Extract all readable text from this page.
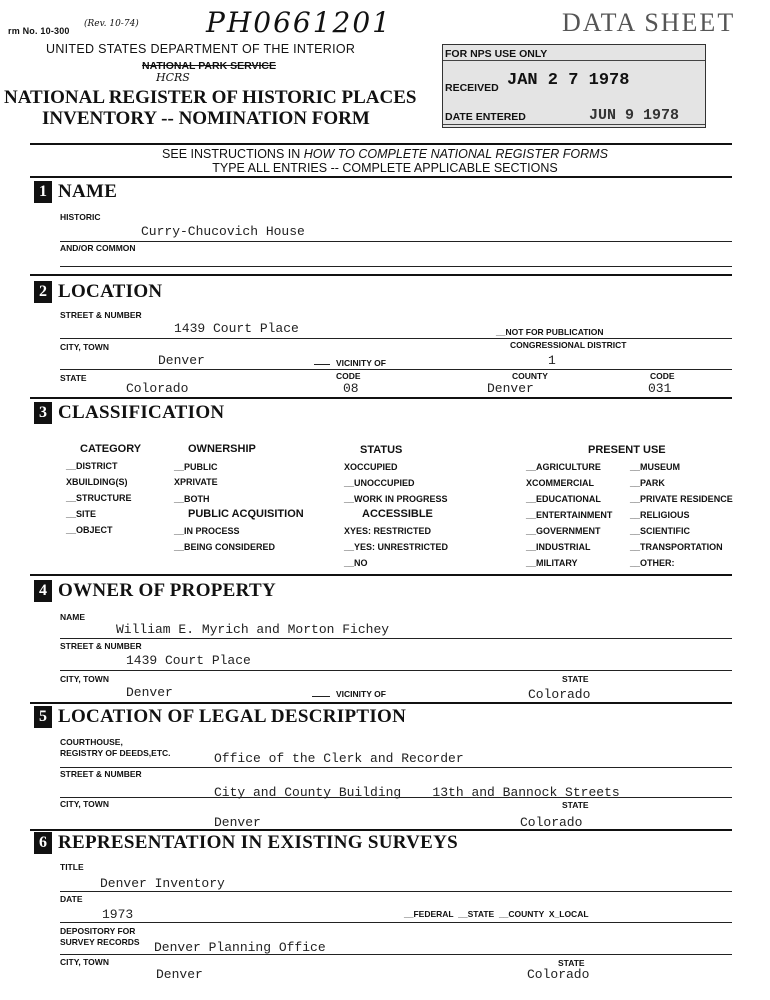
rm No. 10-300
(Rev. 10-74) PH0661201	DATA SHEET
UNITED STATES DEPARTMENT OF THE INTERIOR
NATIONAL PARK SERVICE
HCRS
NATIONAL REGISTER OF HISTORIC PLACES
INVENTORY -- NOMINATION FORM
FOR NPS USE ONLY
RECEIVED JAN 2 7 1978
DATE ENTERED	JUN 9 1978
SEE INSTRUCTIONS IN HOW TO COMPLETE NATIONAL REGISTER FORMS
TYPE ALL ENTRIES -- COMPLETE APPLICABLE SECTIONS
1 NAME
HISTORIC
Curry-Chucovich House
AND/OR COMMON
2 LOCATION
STREET & NUMBER
1439 Court Place	__NOT FOR PUBLICATION
CITY, TOWN	CONGRESSIONAL DISTRICT
Denver	VICINITY OF	1
STATE	CODE	COUNTY	CODE
Colorado	08	Denver	031
3 CLASSIFICATION
CATEGORY
__DISTRICT
XBUILDING(S)
__STRUCTURE
__SITE
__OBJECT
OWNERSHIP
__PUBLIC
XPRIVATE
__BOTH
PUBLIC ACQUISITION
__IN PROCESS
__BEING CONSIDERED
STATUS
XOCCUPIED
__UNOCCUPIED
__WORK IN PROGRESS
ACCESSIBLE
XYES: RESTRICTED
__YES: UNRESTRICTED
__NO
PRESENT USE
__AGRICULTURE
XCOMMERCIAL
__EDUCATIONAL
__ENTERTAINMENT
__GOVERNMENT
__INDUSTRIAL
__MILITARY
__MUSEUM
__PARK
__PRIVATE RESIDENCE
__RELIGIOUS
__SCIENTIFIC
__TRANSPORTATION
__OTHER:
4 OWNER OF PROPERTY
NAME
William E. Myrich and Morton Fichey
STREET & NUMBER
1439 Court Place
CITY, TOWN	STATE
Denver	VICINITY OF	Colorado
5 LOCATION OF LEGAL DESCRIPTION
COURTHOUSE,
REGISTRY OF DEEDS,ETC.	Office of the Clerk and Recorder
STREET & NUMBER
City and County Building    13th and Bannock Streets
CITY, TOWN	STATE
Denver	Colorado
6 REPRESENTATION IN EXISTING SURVEYS
TITLE
Denver Inventory
DATE
1973	__FEDERAL  __STATE  __COUNTY  X_LOCAL
DEPOSITORY FOR
SURVEY RECORDS Denver Planning Office
CITY, TOWN	STATE
Denver	Colorado
